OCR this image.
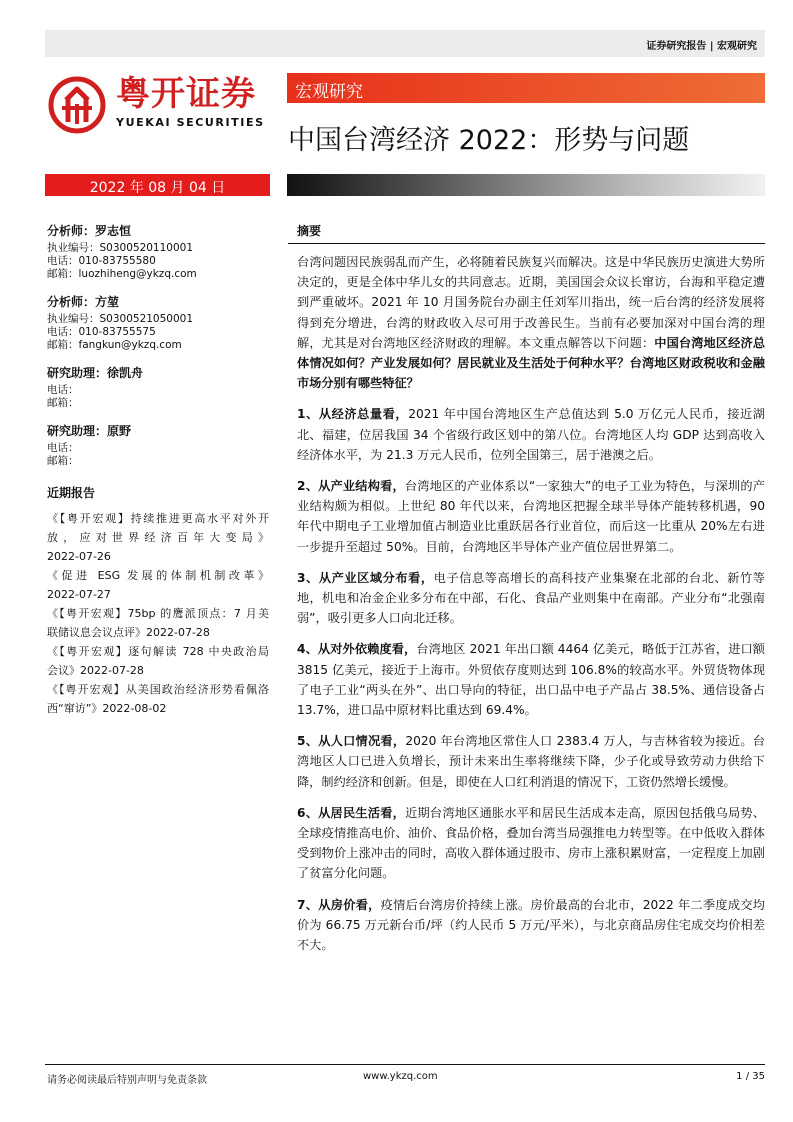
证券研究报告 | 宏观研究
粤开证券
YUEKAI SECURITIES
宏观研究
中国台湾经济 2022：形势与问题
2022 年 08 月 04 日
分析师：罗志恒
执业编号：S0300520110001
电话：010-83755580
邮箱：luozhiheng@ykzq.com
分析师：方堃
执业编号：S0300521050001
电话：010-83755575
邮箱：fangkun@ykzq.com
研究助理：徐凯舟
电话：
邮箱：
研究助理：原野
电话：
邮箱：
近期报告
《【粤开宏观】持续推进更高水平对外开
放，应对世界经济百年大变局》
2022-07-26
《促进 ESG 发展的体制机制改革》
2022-07-27
《【粤开宏观】75bp 的鹰派顶点：7 月美
联储议息会议点评》2022-07-28
《【粤开宏观】逐句解读 728 中央政治局
会议》2022-07-28
《【粤开宏观】从美国政治经济形势看佩洛
西“窜访”》2022-08-02
摘要

台湾问题因民族弱乱而产生，必将随着民族复兴而解决。这是中华民族历史演进大势所决定的，更是全体中华儿女的共同意志。近期，美国国会众议长窜访，台海和平稳定遭到严重破坏。2021 年 10 月国务院台办副主任刘军川指出，统一后台湾的经济发展将得到充分增进，台湾的财政收入尽可用于改善民生。当前有必要加深对中国台湾的理解，尤其是对台湾地区经济财政的理解。本文重点解答以下问题：中国台湾地区经济总体情况如何？产业发展如何？居民就业及生活处于何种水平？台湾地区财政税收和金融市场分别有哪些特征？

1、从经济总量看，2021 年中国台湾地区生产总值达到 5.0 万亿元人民币，接近湖北、福建，位居我国 34 个省级行政区划中的第八位。台湾地区人均 GDP 达到高收入经济体水平，为 21.3 万元人民币，位列全国第三，居于港澳之后。

2、从产业结构看，台湾地区的产业体系以“一家独大”的电子工业为特色，与深圳的产业结构颇为相似。上世纪 80 年代以来，台湾地区把握全球半导体产能转移机遇，90 年代中期电子工业增加值占制造业比重跃居各行业首位，而后这一比重从 20%左右进一步提升至超过 50%。目前，台湾地区半导体产业产值位居世界第二。

3、从产业区域分布看，电子信息等高增长的高科技产业集聚在北部的台北、新竹等地，机电和冶金企业多分布在中部，石化、食品产业则集中在南部。产业分布“北强南弱”，吸引更多人口向北迁移。

4、从对外依赖度看，台湾地区 2021 年出口额 4464 亿美元，略低于江苏省，进口额 3815 亿美元，接近于上海市。外贸依存度则达到 106.8%的较高水平。外贸货物体现了电子工业“两头在外”、出口导向的特征，出口品中电子产品占 38.5%、通信设备占 13.7%，进口品中原材料比重达到 69.4%。

5、从人口情况看，2020 年台湾地区常住人口 2383.4 万人，与吉林省较为接近。台湾地区人口已进入负增长，预计未来出生率将继续下降，少子化或导致劳动力供给下降，制约经济和创新。但是，即使在人口红利消退的情况下，工资仍然增长缓慢。

6、从居民生活看，近期台湾地区通胀水平和居民生活成本走高，原因包括俄乌局势、全球疫情推高电价、油价、食品价格，叠加台湾当局强推电力转型等。在中低收入群体受到物价上涨冲击的同时，高收入群体通过股市、房市上涨积累财富，一定程度上加剧了贫富分化问题。

7、从房价看，疫情后台湾房价持续上涨。房价最高的台北市，2022 年二季度成交均价为 66.75 万元新台币/坪（约人民币 5 万元/平米），与北京商品房住宅成交均价相差不大。

请务必阅读最后特别声明与免责条款	www.ykzq.com	1 / 35
